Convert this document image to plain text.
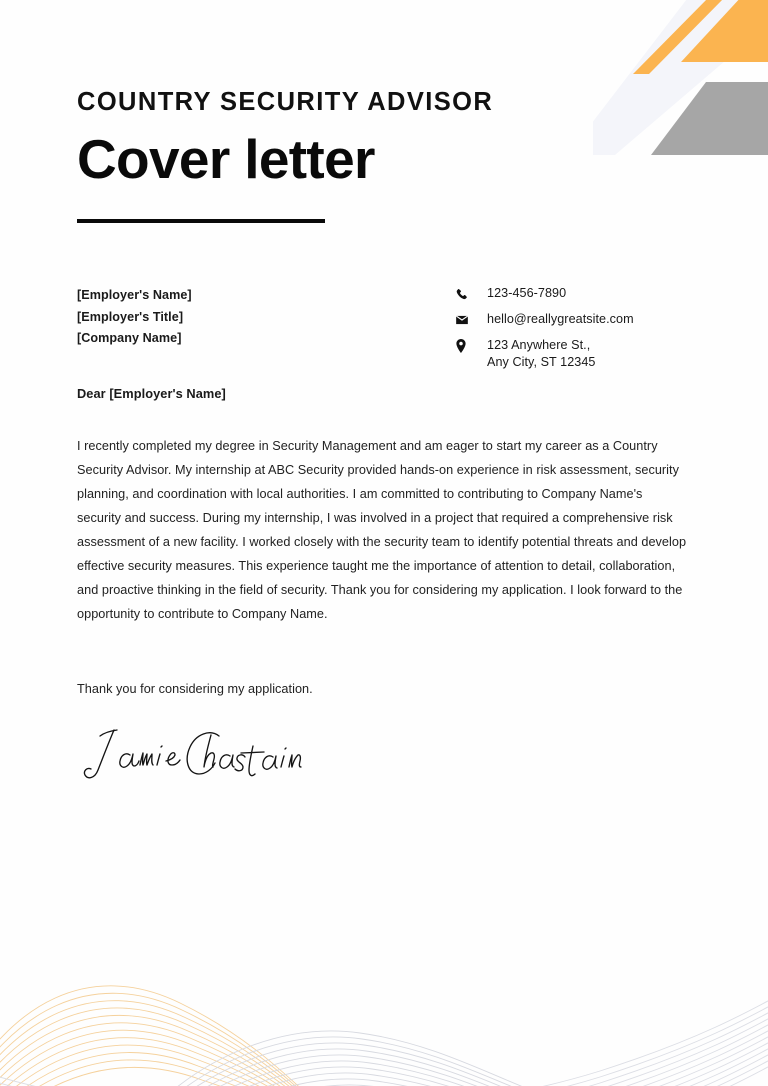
COUNTRY SECURITY ADVISOR
Cover letter
[Employer's Name]
[Employer's Title]
[Company Name]
123-456-7890
hello@reallygreatsite.com
123 Anywhere St.,
Any City, ST 12345
Dear [Employer's Name]
I recently completed my degree in Security Management and am eager to start my career as a Country Security Advisor. My internship at ABC Security provided hands-on experience in risk assessment, security planning, and coordination with local authorities. I am committed to contributing to Company Name's security and success. During my internship, I was involved in a project that required a comprehensive risk assessment of a new facility. I worked closely with the security team to identify potential threats and develop effective security measures. This experience taught me the importance of attention to detail, collaboration, and proactive thinking in the field of security. Thank you for considering my application. I look forward to the opportunity to contribute to Company Name.
Thank you for considering my application.
